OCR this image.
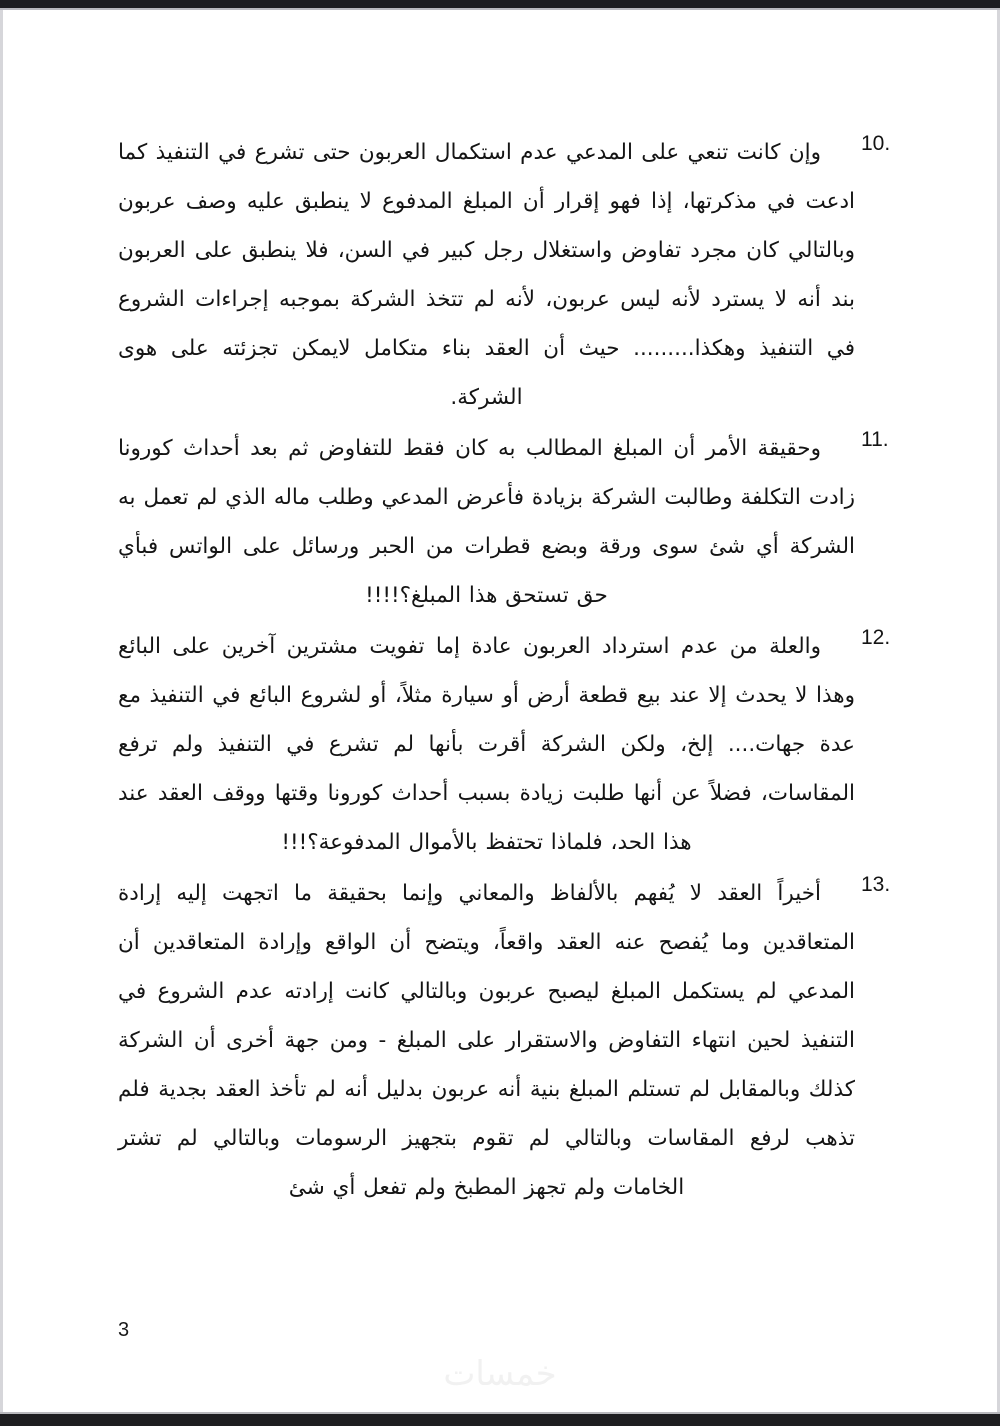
10.
وإن كانت تنعي على المدعي عدم استكمال العربون حتى تشرع في التنفيذ كما ادعت في مذكرتها، إذا فهو إقرار أن المبلغ المدفوع لا ينطبق عليه وصف عربون وبالتالي كان مجرد تفاوض واستغلال رجل كبير في السن، فلا ينطبق على العربون بند أنه لا يسترد لأنه ليس عربون، لأنه لم تتخذ الشركة بموجبه إجراءات الشروع في التنفيذ وهكذا......... حيث أن العقد بناء متكامل لايمكن تجزئته على هوى الشركة.
11.
وحقيقة الأمر أن المبلغ المطالب به كان فقط للتفاوض ثم بعد أحداث كورونا زادت التكلفة وطالبت الشركة بزيادة فأعرض المدعي وطلب ماله الذي لم تعمل به الشركة أي شئ سوى ورقة وبضع قطرات من الحبر ورسائل على الواتس فبأي حق تستحق هذا المبلغ؟!!!!
12.
والعلة من عدم استرداد العربون عادة إما تفويت مشترين آخرين على البائع وهذا لا يحدث إلا عند بيع قطعة أرض أو سيارة مثلاً، أو لشروع البائع في التنفيذ مع عدة جهات.... إلخ، ولكن الشركة أقرت بأنها لم تشرع في التنفيذ ولم ترفع المقاسات، فضلاً عن أنها طلبت زيادة بسبب أحداث كورونا وقتها ووقف العقد عند هذا الحد، فلماذا تحتفظ بالأموال المدفوعة؟!!!
13.
أخيراً العقد لا يُفهم بالألفاظ والمعاني وإنما بحقيقة ما اتجهت إليه إرادة المتعاقدين وما يُفصح عنه العقد واقعاً، ويتضح أن الواقع وإرادة المتعاقدين أن المدعي لم يستكمل المبلغ ليصبح عربون وبالتالي كانت إرادته عدم الشروع في التنفيذ لحين انتهاء التفاوض والاستقرار على المبلغ - ومن جهة أخرى أن الشركة كذلك وبالمقابل لم تستلم المبلغ بنية أنه عربون بدليل أنه لم تأخذ العقد بجدية فلم تذهب لرفع المقاسات وبالتالي لم تقوم بتجهيز الرسومات وبالتالي لم تشتر الخامات ولم تجهز المطبخ ولم تفعل أي شئ
3
خمسات
